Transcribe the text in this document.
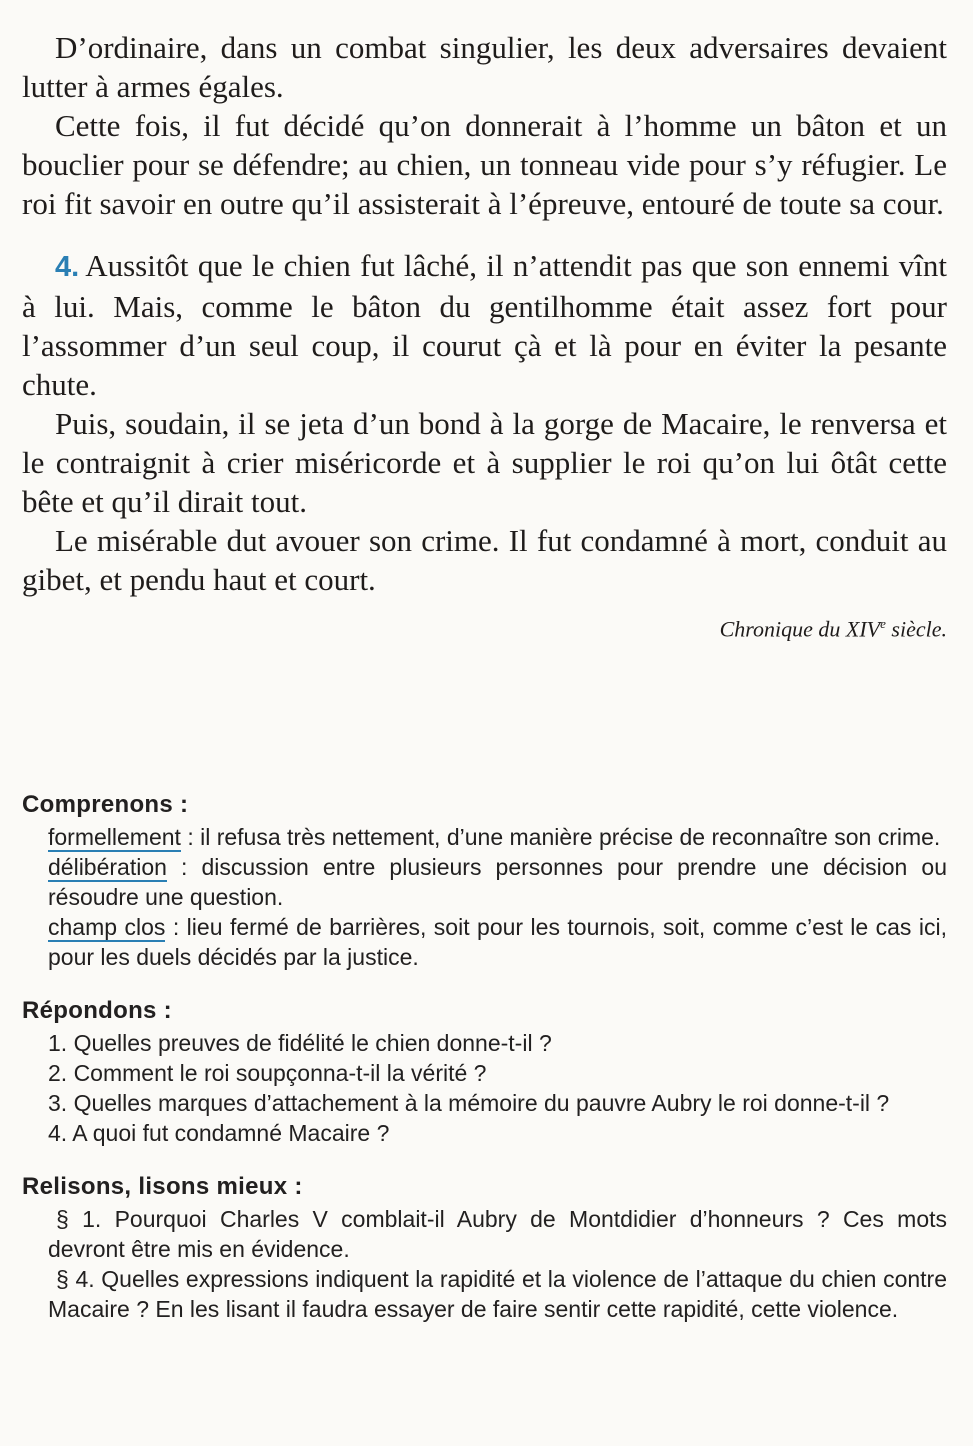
D’ordinaire, dans un combat singulier, les deux adversaires devaient lutter à armes égales.

Cette fois, il fut décidé qu’on donnerait à l’homme un bâton et un bouclier pour se défendre; au chien, un tonneau vide pour s’y réfugier. Le roi fit savoir en outre qu’il assisterait à l’épreuve, entouré de toute sa cour.

4. Aussitôt que le chien fut lâché, il n’attendit pas que son ennemi vînt à lui. Mais, comme le bâton du gentilhomme était assez fort pour l’assommer d’un seul coup, il courut çà et là pour en éviter la pesante chute.

Puis, soudain, il se jeta d’un bond à la gorge de Macaire, le renversa et le contraignit à crier miséricorde et à supplier le roi qu’on lui ôtât cette bête et qu’il dirait tout.

Le misérable dut avouer son crime. Il fut condamné à mort, conduit au gibet, et pendu haut et court.

Chronique du XIVe siècle.

Comprenons :

formellement : il refusa très nettement, d’une manière précise de reconnaître son crime.

délibération : discussion entre plusieurs personnes pour prendre une décision ou résoudre une question.

champ clos : lieu fermé de barrières, soit pour les tournois, soit, comme c’est le cas ici, pour les duels décidés par la justice.

Répondons :

1. Quelles preuves de fidélité le chien donne-t-il ?

2. Comment le roi soupçonna-t-il la vérité ?

3. Quelles marques d’attachement à la mémoire du pauvre Aubry le roi donne-t-il ?

4. A quoi fut condamné Macaire ?

Relisons, lisons mieux :

§ 1. Pourquoi Charles V comblait-il Aubry de Montdidier d’honneurs ? Ces mots devront être mis en évidence.

§ 4. Quelles expressions indiquent la rapidité et la violence de l’attaque du chien contre Macaire ? En les lisant il faudra essayer de faire sentir cette rapidité, cette violence.
